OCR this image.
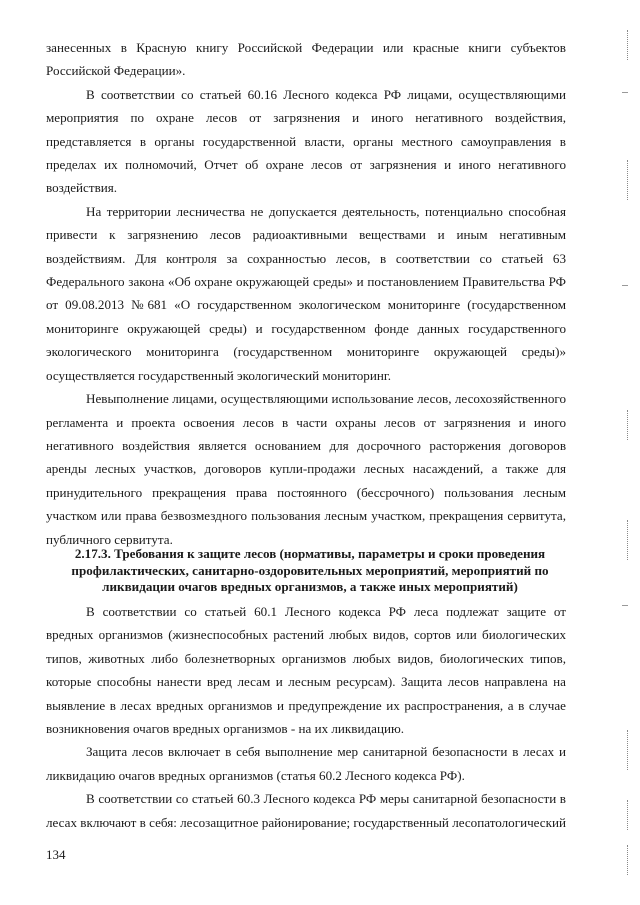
занесенных в Красную книгу Российской Федерации или красные книги субъектов Российской Федерации».

В соответствии со статьей 60.16 Лесного кодекса РФ лицами, осуществляющими мероприятия по охране лесов от загрязнения и иного негативного воздействия, представляется в органы государственной власти, органы местного самоуправления в пределах их полномочий, Отчет об охране лесов от загрязнения и иного негативного воздействия.

На территории лесничества не допускается деятельность, потенциально способная привести к загрязнению лесов радиоактивными веществами и иным негативным воздействиям. Для контроля за сохранностью лесов, в соответствии со статьей 63 Федерального закона «Об охране окружающей среды» и постановлением Правительства РФ от 09.08.2013 №681 «О государственном экологическом мониторинге (государственном мониторинге окружающей среды) и государственном фонде данных государственного экологического мониторинга (государственном мониторинге окружающей среды)» осуществляется государственный экологический мониторинг.

Невыполнение лицами, осуществляющими использование лесов, лесохозяйственного регламента и проекта освоения лесов в части охраны лесов от загрязнения и иного негативного воздействия является основанием для досрочного расторжения договоров аренды лесных участков, договоров купли-продажи лесных насаждений, а также для принудительного прекращения права постоянного (бессрочного) пользования лесным участком или права безвозмездного пользования лесным участком, прекращения сервитута, публичного сервитута.

2.17.3. Требования к защите лесов (нормативы, параметры и сроки проведения профилактических, санитарно-оздоровительных мероприятий, мероприятий по ликвидации очагов вредных организмов, а также иных мероприятий)

В соответствии со статьей 60.1 Лесного кодекса РФ леса подлежат защите от вредных организмов (жизнеспособных растений любых видов, сортов или биологических типов, животных либо болезнетворных организмов любых видов, биологических типов, которые способны нанести вред лесам и лесным ресурсам). Защита лесов направлена на выявление в лесах вредных организмов и предупреждение их распространения, а в случае возникновения очагов вредных организмов - на их ликвидацию.

Защита лесов включает в себя выполнение мер санитарной безопасности в лесах и ликвидацию очагов вредных организмов (статья 60.2 Лесного кодекса РФ).

В соответствии со статьей 60.3 Лесного кодекса РФ меры санитарной безопасности в лесах включают в себя: лесозащитное районирование; государственный лесопатологический

134
